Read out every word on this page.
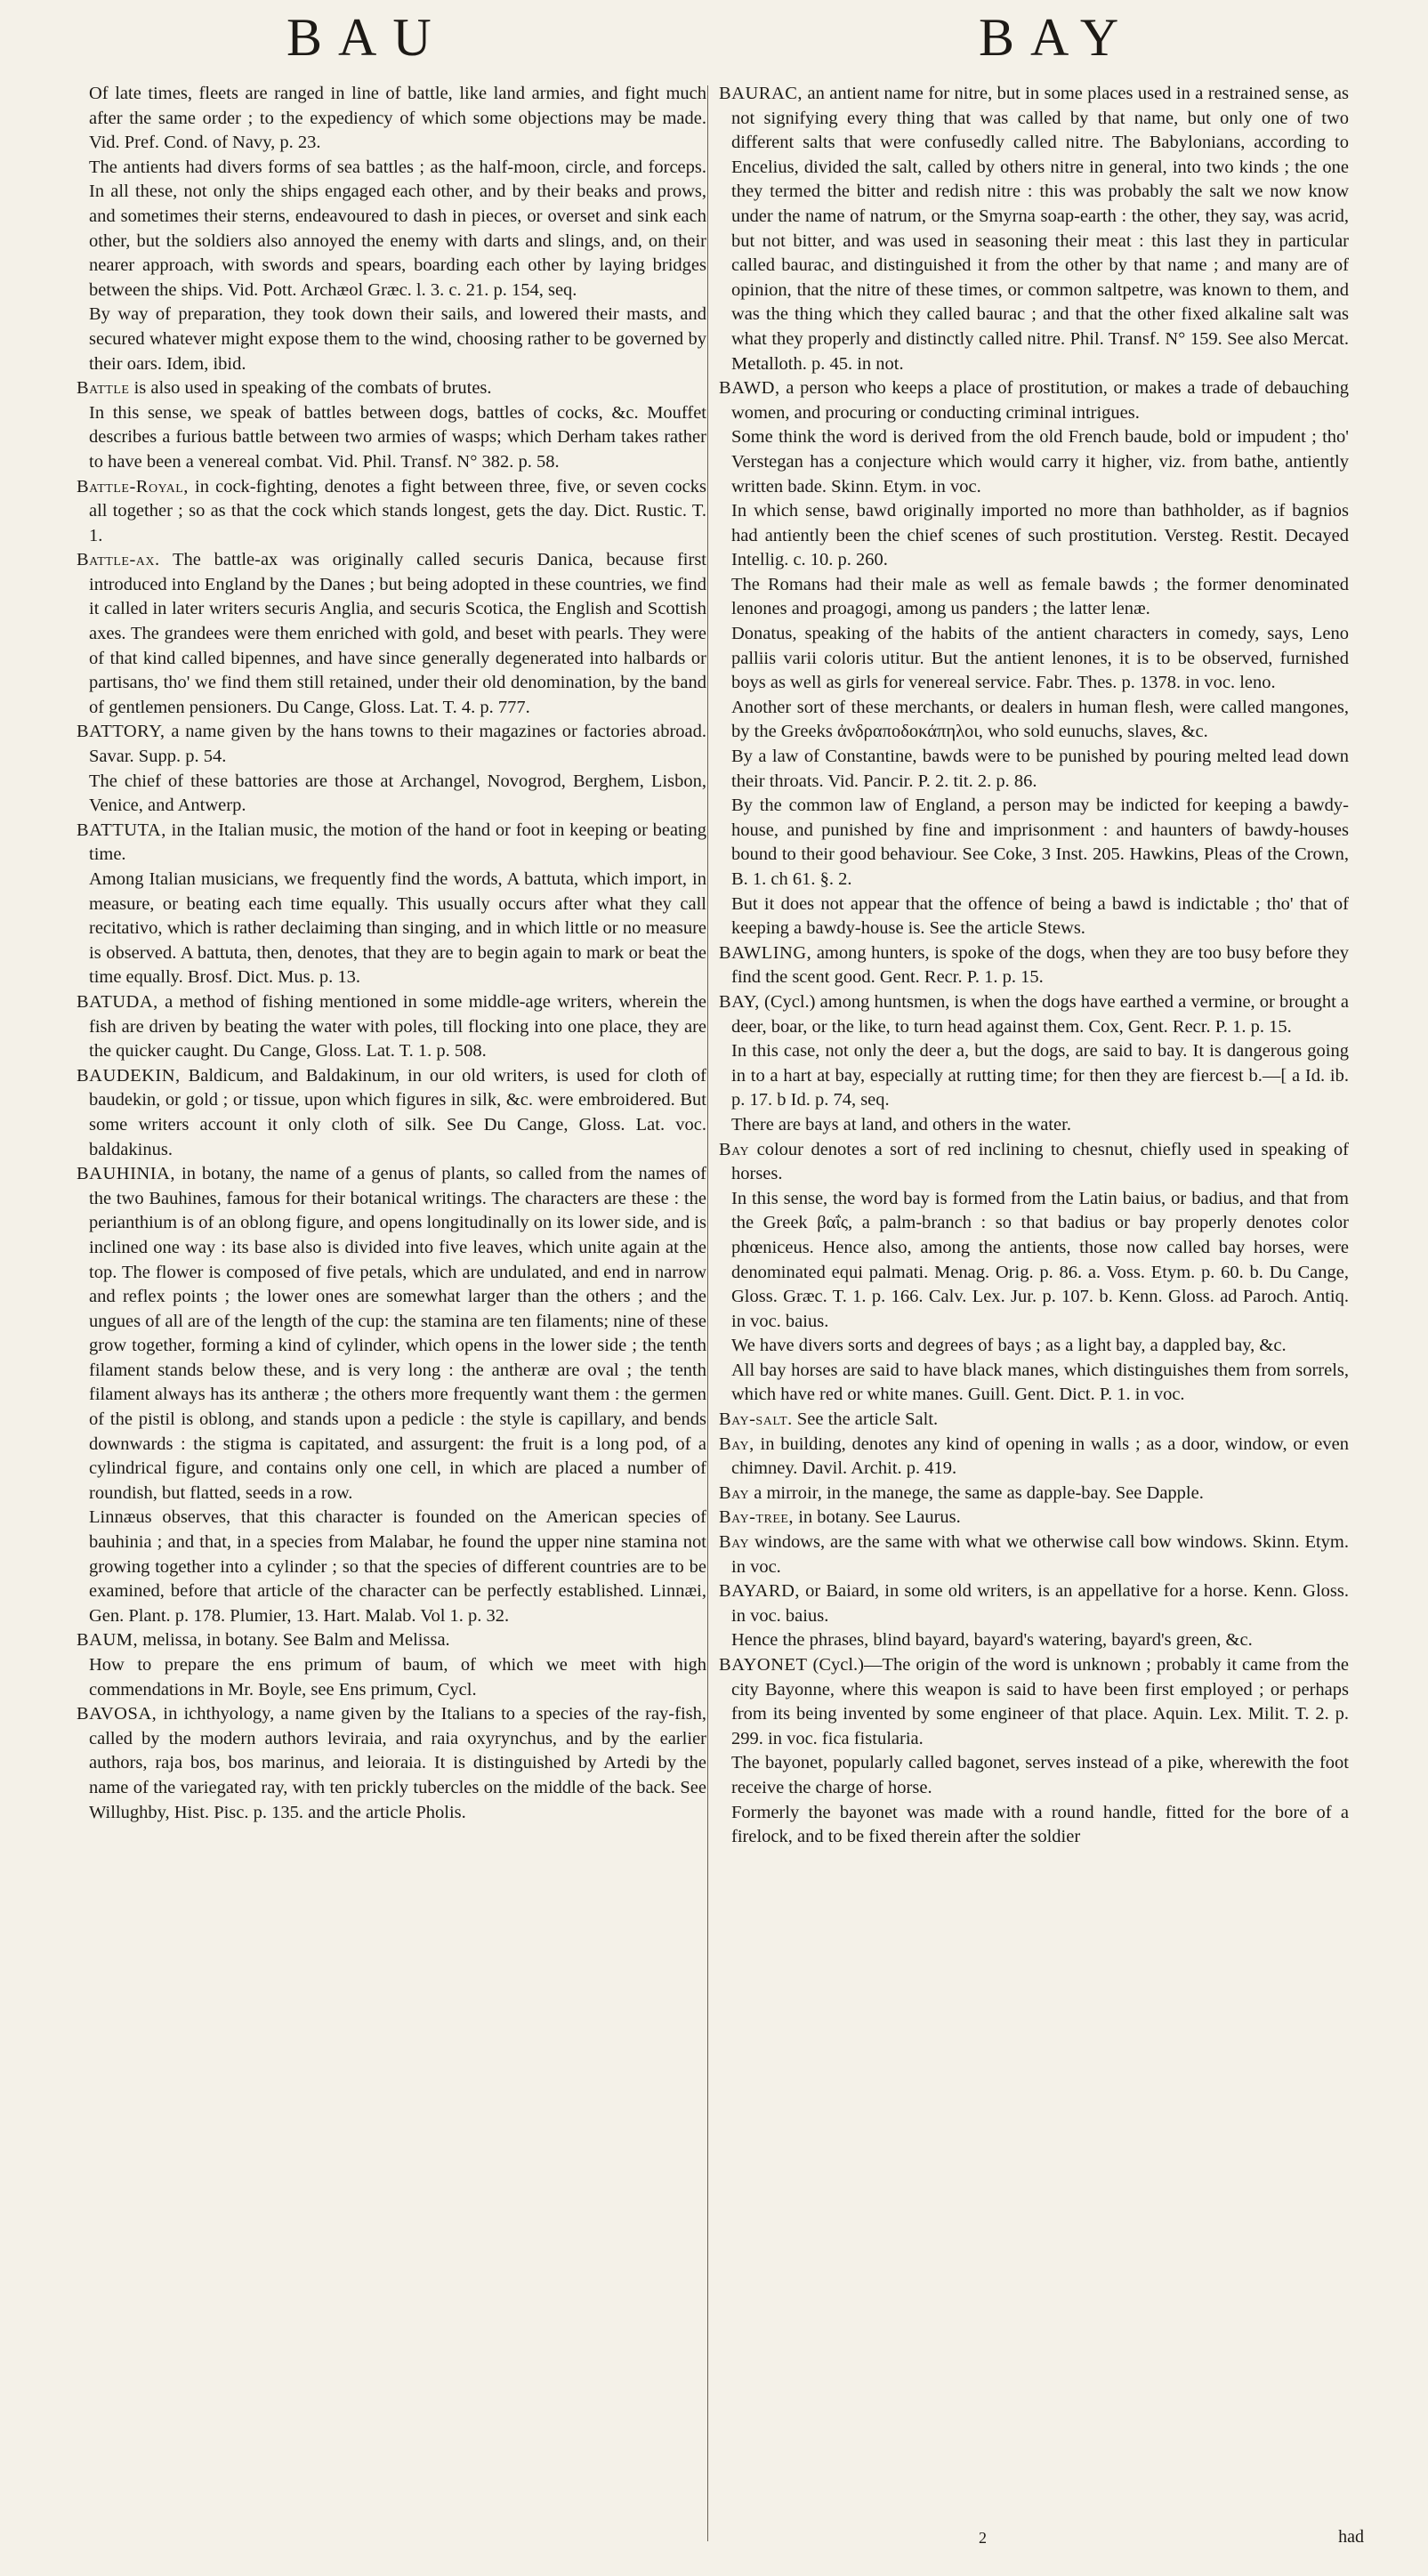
BAU	BAY

Of late times, fleets are ranged in line of battle, like land armies, and fight much after the same order ; to the expediency of which some objections may be made. Vid. Pref. Cond. of Navy, p. 23.

The antients had divers forms of sea battles ; as the half-moon, circle, and forceps. In all these, not only the ships engaged each other, and by their beaks and prows, and sometimes their sterns, endeavoured to dash in pieces, or overset and sink each other, but the soldiers also annoyed the enemy with darts and slings, and, on their nearer approach, with swords and spears, boarding each other by laying bridges between the ships. Vid. Pott. Archæol Græc. l. 3. c. 21. p. 154, seq.

By way of preparation, they took down their sails, and lowered their masts, and secured whatever might expose them to the wind, choosing rather to be governed by their oars. Idem, ibid.

Battle is also used in speaking of the combats of brutes.

In this sense, we speak of battles between dogs, battles of cocks, &c. Mouffet describes a furious battle between two armies of wasps; which Derham takes rather to have been a venereal combat. Vid. Phil. Transf. N° 382. p. 58.

Battle-Royal, in cock-fighting, denotes a fight between three, five, or seven cocks all together ; so as that the cock which stands longest, gets the day. Dict. Rustic. T. 1.

Battle-ax. The battle-ax was originally called securis Danica, because first introduced into England by the Danes ; but being adopted in these countries, we find it called in later writers securis Anglia, and securis Scotica, the English and Scottish axes. The grandees were them enriched with gold, and beset with pearls. They were of that kind called bipennes, and have since generally degenerated into halbards or partisans, tho' we find them still retained, under their old denomination, by the band of gentlemen pensioners. Du Cange, Gloss. Lat. T. 4. p. 777.

BATTORY, a name given by the hans towns to their magazines or factories abroad. Savar. Supp. p. 54.

The chief of these battories are those at Archangel, Novogrod, Berghem, Lisbon, Venice, and Antwerp.

BATTUTA, in the Italian music, the motion of the hand or foot in keeping or beating time.

Among Italian musicians, we frequently find the words, A battuta, which import, in measure, or beating each time equally. This usually occurs after what they call recitativo, which is rather declaiming than singing, and in which little or no measure is observed. A battuta, then, denotes, that they are to begin again to mark or beat the time equally. Brosf. Dict. Mus. p. 13.

BATUDA, a method of fishing mentioned in some middle-age writers, wherein the fish are driven by beating the water with poles, till flocking into one place, they are the quicker caught. Du Cange, Gloss. Lat. T. 1. p. 508.

BAUDEKIN, Baldicum, and Baldakinum, in our old writers, is used for cloth of baudekin, or gold ; or tissue, upon which figures in silk, &c. were embroidered. But some writers account it only cloth of silk. See Du Cange, Gloss. Lat. voc. baldakinus.

BAUHINIA, in botany, the name of a genus of plants, so called from the names of the two Bauhines, famous for their botanical writings. The characters are these : the perianthium is of an oblong figure, and opens longitudinally on its lower side, and is inclined one way : its base also is divided into five leaves, which unite again at the top. The flower is composed of five petals, which are undulated, and end in narrow and reflex points ; the lower ones are somewhat larger than the others ; and the ungues of all are of the length of the cup: the stamina are ten filaments; nine of these grow together, forming a kind of cylinder, which opens in the lower side ; the tenth filament stands below these, and is very long : the antheræ are oval ; the tenth filament always has its antheræ ; the others more frequently want them : the germen of the pistil is oblong, and stands upon a pedicle : the style is capillary, and bends downwards : the stigma is capitated, and assurgent: the fruit is a long pod, of a cylindrical figure, and contains only one cell, in which are placed a number of roundish, but flatted, seeds in a row.

Linnæus observes, that this character is founded on the American species of bauhinia ; and that, in a species from Malabar, he found the upper nine stamina not growing together into a cylinder ; so that the species of different countries are to be examined, before that article of the character can be perfectly established. Linnæi, Gen. Plant. p. 178. Plumier, 13. Hart. Malab. Vol 1. p. 32.

BAUM, melissa, in botany. See Balm and Melissa.

How to prepare the ens primum of baum, of which we meet with high commendations in Mr. Boyle, see Ens primum, Cycl.

BAVOSA, in ichthyology, a name given by the Italians to a species of the ray-fish, called by the modern authors leviraia, and raia oxyrynchus, and by the earlier authors, raja bos, bos marinus, and leioraia. It is distinguished by Artedi by the name of the variegated ray, with ten prickly tubercles on the middle of the back. See Willughby, Hist. Pisc. p. 135. and the article Pholis.

BAURAC, an antient name for nitre, but in some places used in a restrained sense, as not signifying every thing that was called by that name, but only one of two different salts that were confusedly called nitre. The Babylonians, according to Encelius, divided the salt, called by others nitre in general, into two kinds ; the one they termed the bitter and redish nitre : this was probably the salt we now know under the name of natrum, or the Smyrna soap-earth : the other, they say, was acrid, but not bitter, and was used in seasoning their meat : this last they in particular called baurac, and distinguished it from the other by that name ; and many are of opinion, that the nitre of these times, or common saltpetre, was known to them, and was the thing which they called baurac ; and that the other fixed alkaline salt was what they properly and distinctly called nitre. Phil. Transf. N° 159. See also Mercat. Metalloth. p. 45. in not.

BAWD, a person who keeps a place of prostitution, or makes a trade of debauching women, and procuring or conducting criminal intrigues.

Some think the word is derived from the old French baude, bold or impudent ; tho' Verstegan has a conjecture which would carry it higher, viz. from bathe, antiently written bade. Skinn. Etym. in voc.

In which sense, bawd originally imported no more than bathholder, as if bagnios had antiently been the chief scenes of such prostitution. Versteg. Restit. Decayed Intellig. c. 10. p. 260.

The Romans had their male as well as female bawds ; the former denominated lenones and proagogi, among us panders ; the latter lenæ.

Donatus, speaking of the habits of the antient characters in comedy, says, Leno palliis varii coloris utitur. But the antient lenones, it is to be observed, furnished boys as well as girls for venereal service. Fabr. Thes. p. 1378. in voc. leno.

Another sort of these merchants, or dealers in human flesh, were called mangones, by the Greeks ἀνδραποδοκάπηλοι, who sold eunuchs, slaves, &c.

By a law of Constantine, bawds were to be punished by pouring melted lead down their throats. Vid. Pancir. P. 2. tit. 2. p. 86.

By the common law of England, a person may be indicted for keeping a bawdy-house, and punished by fine and imprisonment : and haunters of bawdy-houses bound to their good behaviour. See Coke, 3 Inst. 205. Hawkins, Pleas of the Crown, B. 1. ch 61. §. 2.

But it does not appear that the offence of being a bawd is indictable ; tho' that of keeping a bawdy-house is. See the article Stews.

BAWLING, among hunters, is spoke of the dogs, when they are too busy before they find the scent good. Gent. Recr. P. 1. p. 15.

BAY, (Cycl.) among huntsmen, is when the dogs have earthed a vermine, or brought a deer, boar, or the like, to turn head against them. Cox, Gent. Recr. P. 1. p. 15.

In this case, not only the deer a, but the dogs, are said to bay. It is dangerous going in to a hart at bay, especially at rutting time; for then they are fiercest b.—[ a Id. ib. p. 17. b Id. p. 74, seq.

There are bays at land, and others in the water.

Bay colour denotes a sort of red inclining to chesnut, chiefly used in speaking of horses.

In this sense, the word bay is formed from the Latin baius, or badius, and that from the Greek βαΐς, a palm-branch : so that badius or bay properly denotes color phœniceus. Hence also, among the antients, those now called bay horses, were denominated equi palmati. Menag. Orig. p. 86. a. Voss. Etym. p. 60. b. Du Cange, Gloss. Græc. T. 1. p. 166. Calv. Lex. Jur. p. 107. b. Kenn. Gloss. ad Paroch. Antiq. in voc. baius.

We have divers sorts and degrees of bays ; as a light bay, a dappled bay, &c.

All bay horses are said to have black manes, which distinguishes them from sorrels, which have red or white manes. Guill. Gent. Dict. P. 1. in voc.

Bay-salt. See the article Salt.

Bay, in building, denotes any kind of opening in walls ; as a door, window, or even chimney. Davil. Archit. p. 419.

Bay a mirroir, in the manege, the same as dapple-bay. See Dapple.

Bay-tree, in botany. See Laurus.

Bay windows, are the same with what we otherwise call bow windows. Skinn. Etym. in voc.

BAYARD, or Baiard, in some old writers, is an appellative for a horse. Kenn. Gloss. in voc. baius.

Hence the phrases, blind bayard, bayard's watering, bayard's green, &c.

BAYONET (Cycl.)—The origin of the word is unknown ; probably it came from the city Bayonne, where this weapon is said to have been first employed ; or perhaps from its being invented by some engineer of that place. Aquin. Lex. Milit. T. 2. p. 299. in voc. fica fistularia.

The bayonet, popularly called bagonet, serves instead of a pike, wherewith the foot receive the charge of horse.

Formerly the bayonet was made with a round handle, fitted for the bore of a firelock, and to be fixed therein after the soldier

2	had
